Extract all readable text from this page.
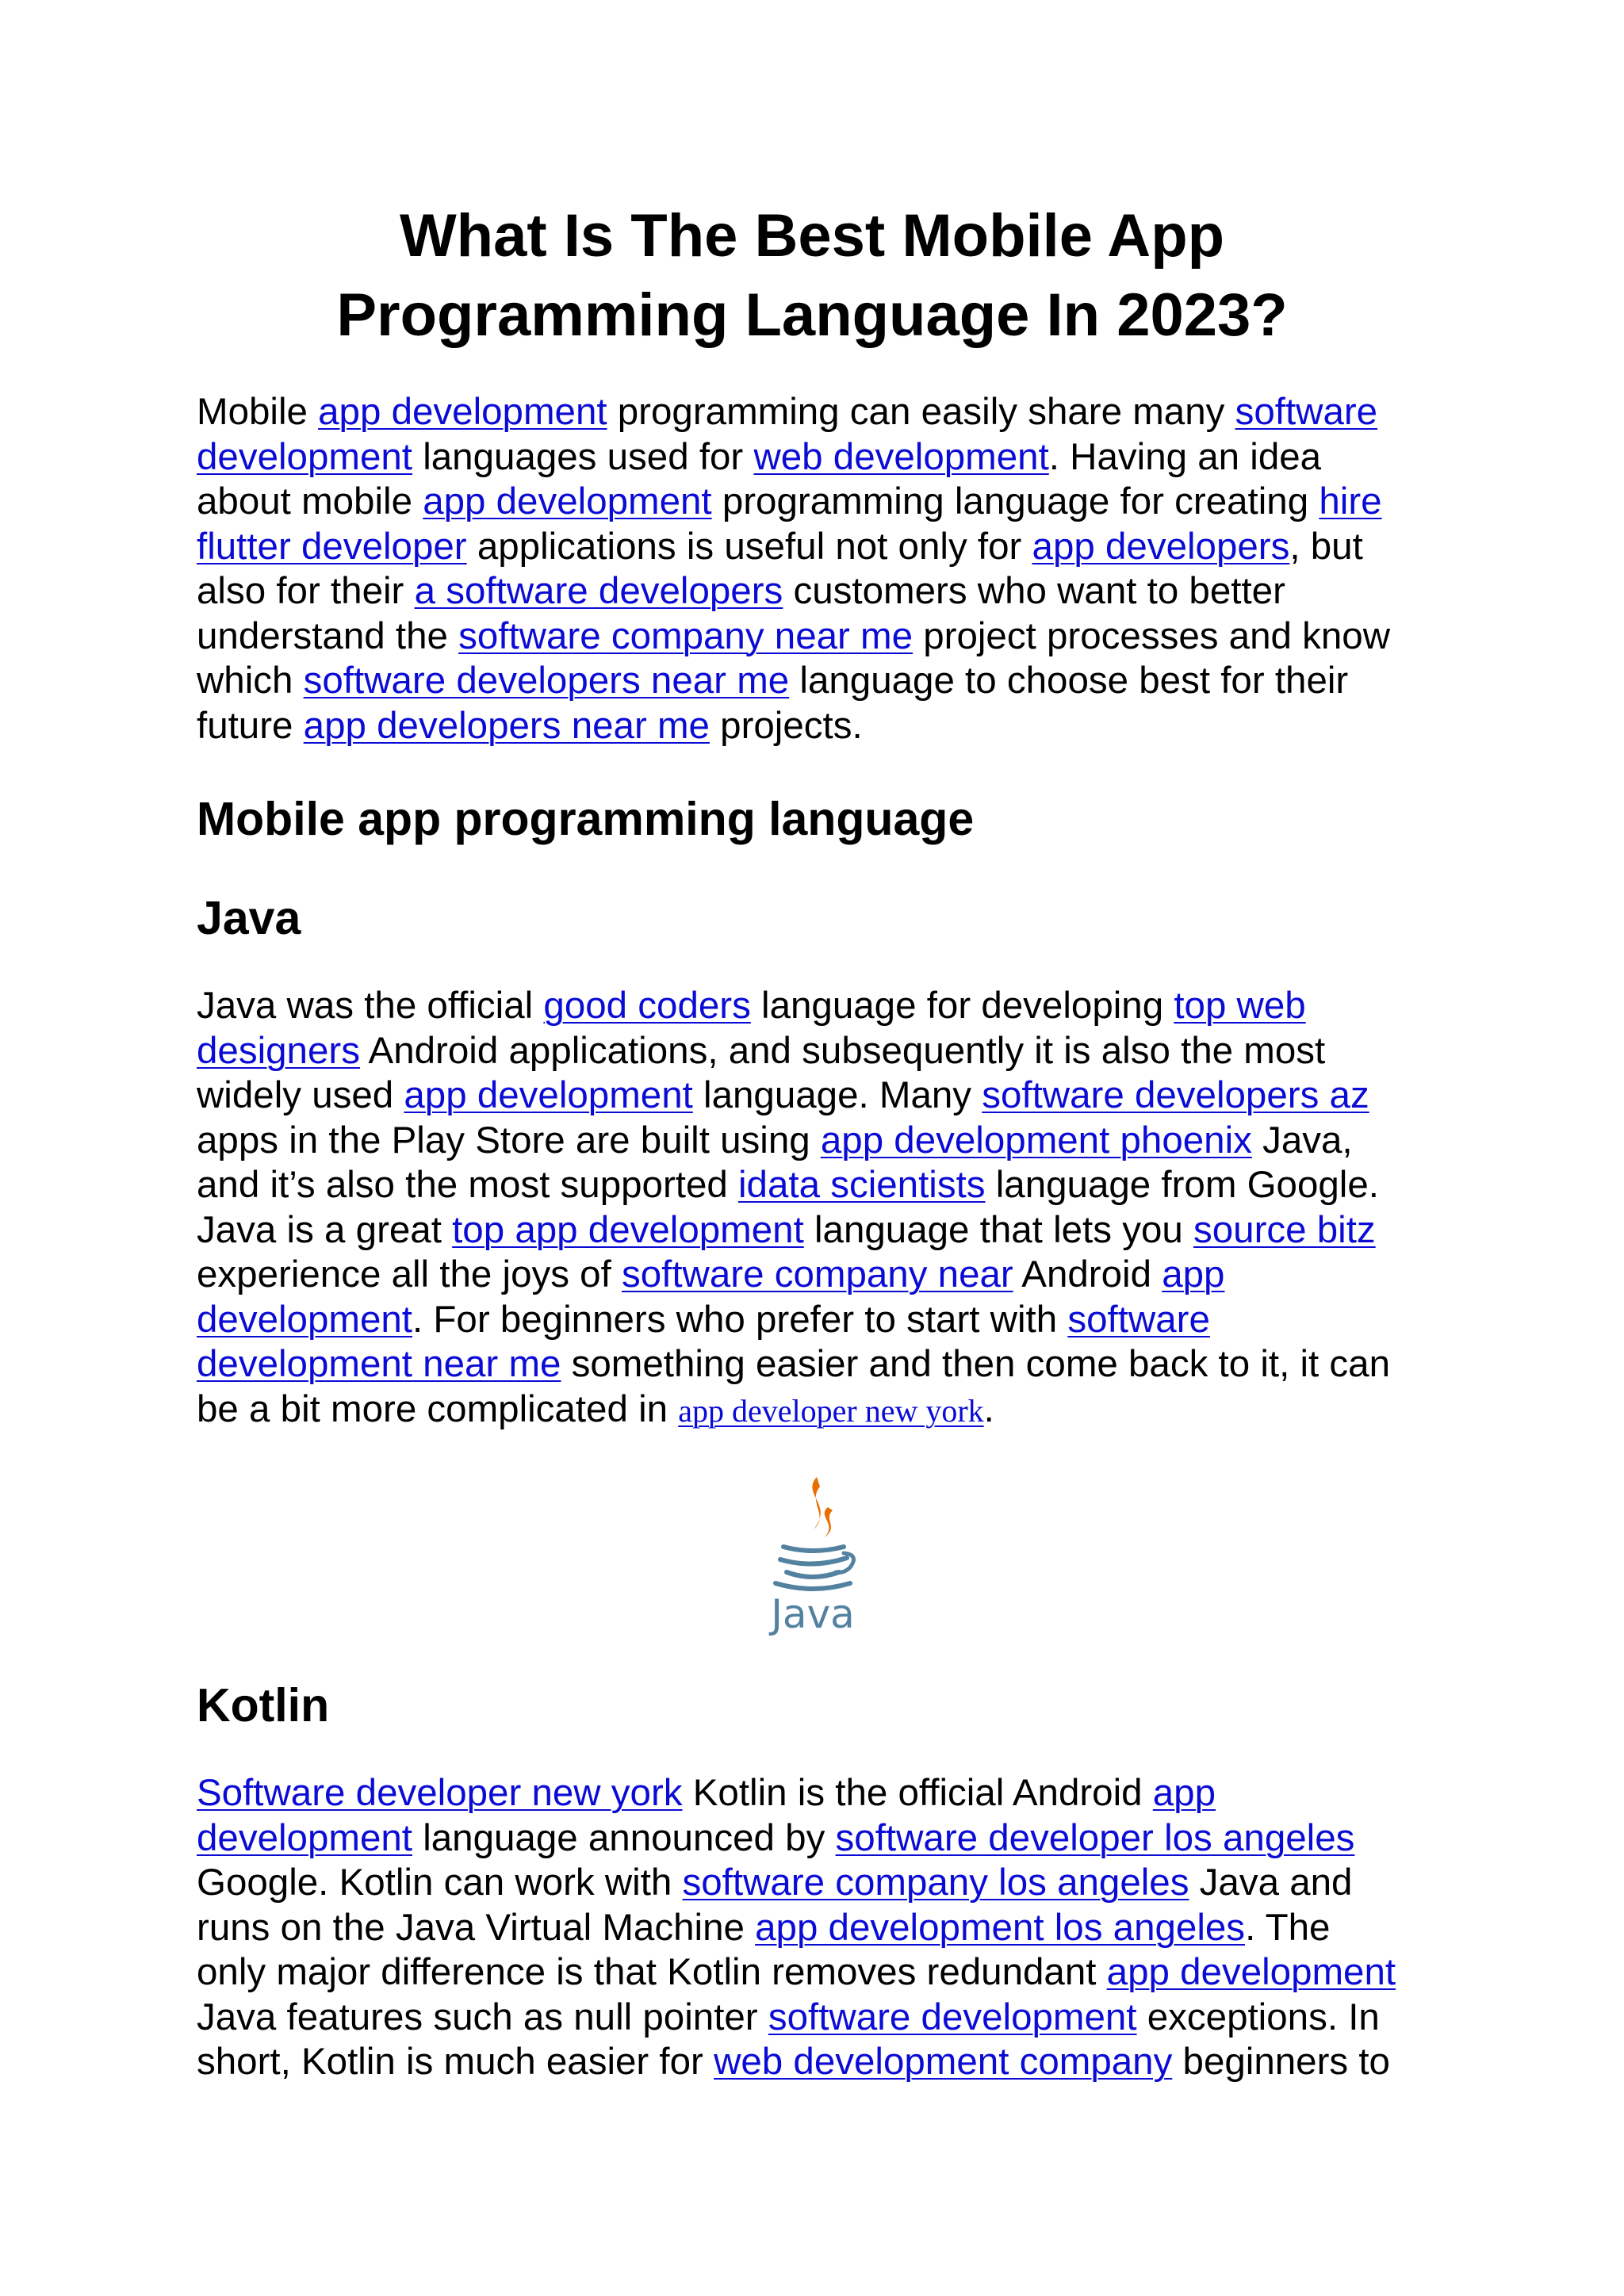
What Is The Best Mobile App
Programming Language In 2023?

Mobile app development programming can easily share many software
development languages used for web development. Having an idea
about mobile app development programming language for creating hire
flutter developer applications is useful not only for app developers, but
also for their a software developers customers who want to better
understand the software company near me project processes and know
which software developers near me language to choose best for their
future app developers near me projects.

Mobile app programming language
Java

Java was the official good coders language for developing top web
designers Android applications, and subsequently it is also the most
widely used app development language. Many software developers az
apps in the Play Store are built using app development phoenix Java,
and it’s also the most supported idata scientists language from Google.
Java is a great top app development language that lets you source bitz
experience all the joys of software company near Android app
development. For beginners who prefer to start with software
development near me something easier and then come back to it, it can
be a bit more complicated in app developer new york.

Java
Kotlin

Software developer new york Kotlin is the official Android app
development language announced by software developer los angeles
Google. Kotlin can work with software company los angeles Java and
runs on the Java Virtual Machine app development los angeles. The
only major difference is that Kotlin removes redundant app development
Java features such as null pointer software development exceptions. In
short, Kotlin is much easier for web development company beginners to
